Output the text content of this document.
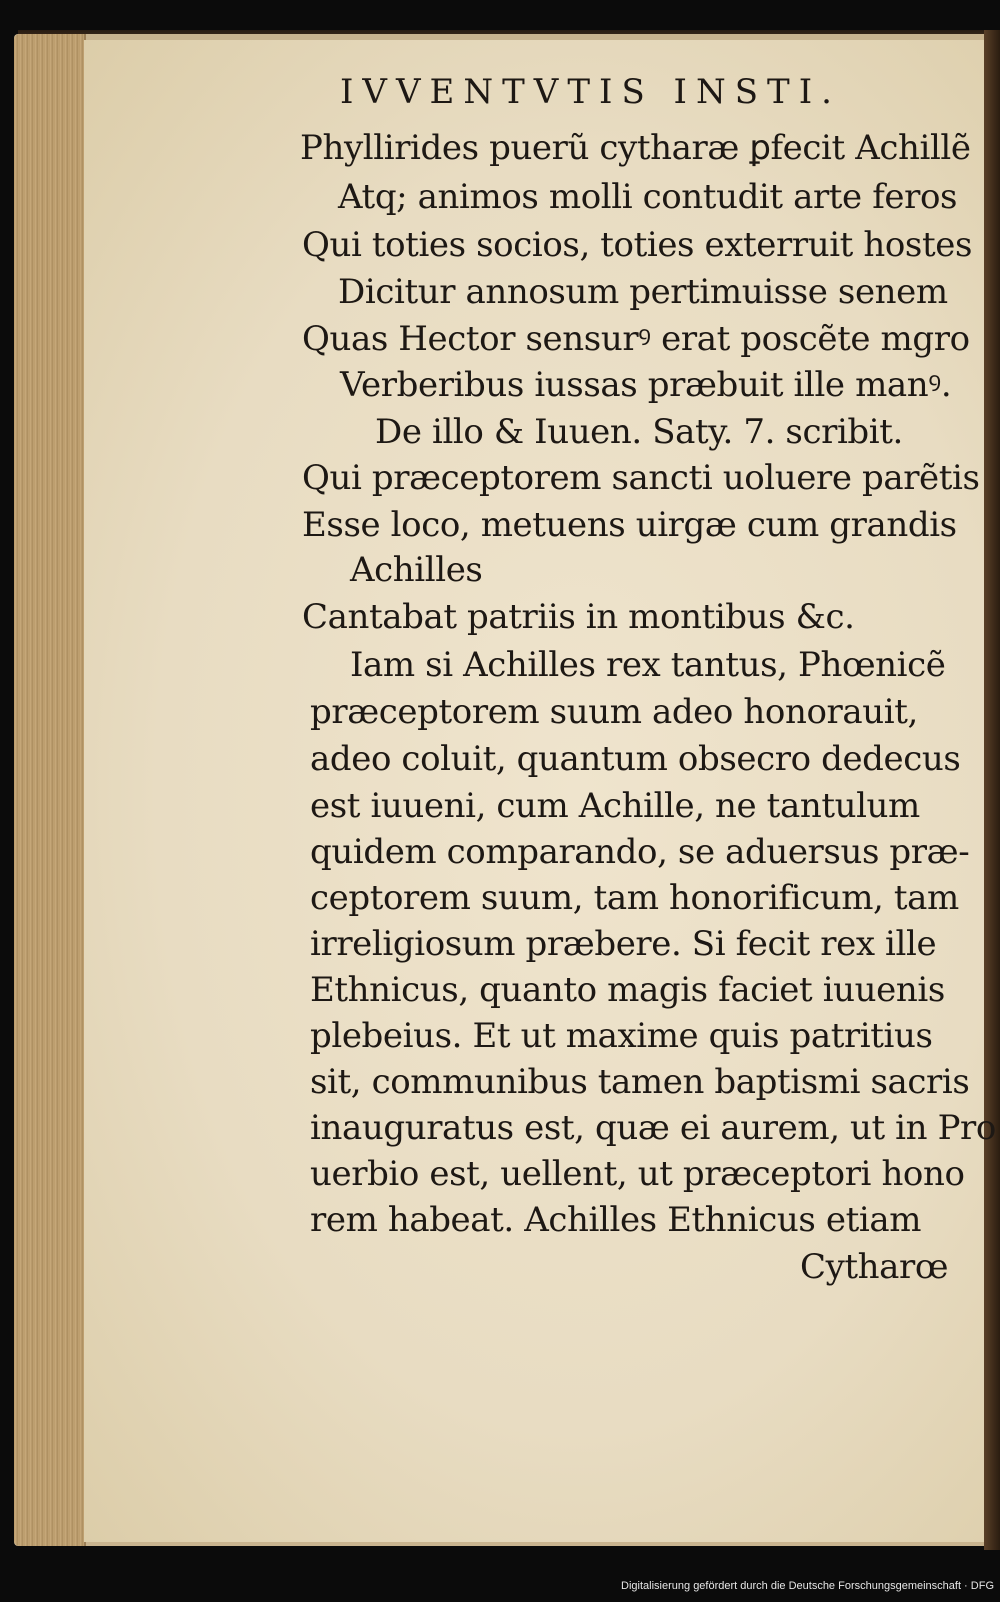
IVVENTVTIS INSTI.
Phyllirides puerũ cytharæ ꝑfecit Achillẽ
Atq; animos molli contudit arte feros
Qui toties socios, toties exterruit hostes
Dicitur annosum pertimuisse senem
Quas Hector sensurꝰ erat poscẽte mgro
Verberibus iussas præbuit ille manꝰ.
De illo & Iuuen. Saty. 7. scribit.
Qui præceptorem sancti uoluere parẽtis
Esse loco, metuens uirgæ cum grandis
Achilles
Cantabat patriis in montibus &c.
Iam si Achilles rex tantus, Phœnicẽ
præceptorem suum adeo honorauit,
adeo coluit, quantum obsecro dedecus
est iuueni, cum Achille, ne tantulum
quidem comparando, se aduersus præ-
ceptorem suum, tam honorificum, tam
irreligiosum præbere. Si fecit rex ille
Ethnicus, quanto magis faciet iuuenis
plebeius. Et ut maxime quis patritius
sit, communibus tamen baptismi sacris
inauguratus est, quæ ei aurem, ut in Pro
uerbio est, uellent, ut præceptori hono
rem habeat. Achilles Ethnicus etiam
Cytharœ
Digitalisierung gefördert durch die Deutsche Forschungsgemeinschaft · DFG
